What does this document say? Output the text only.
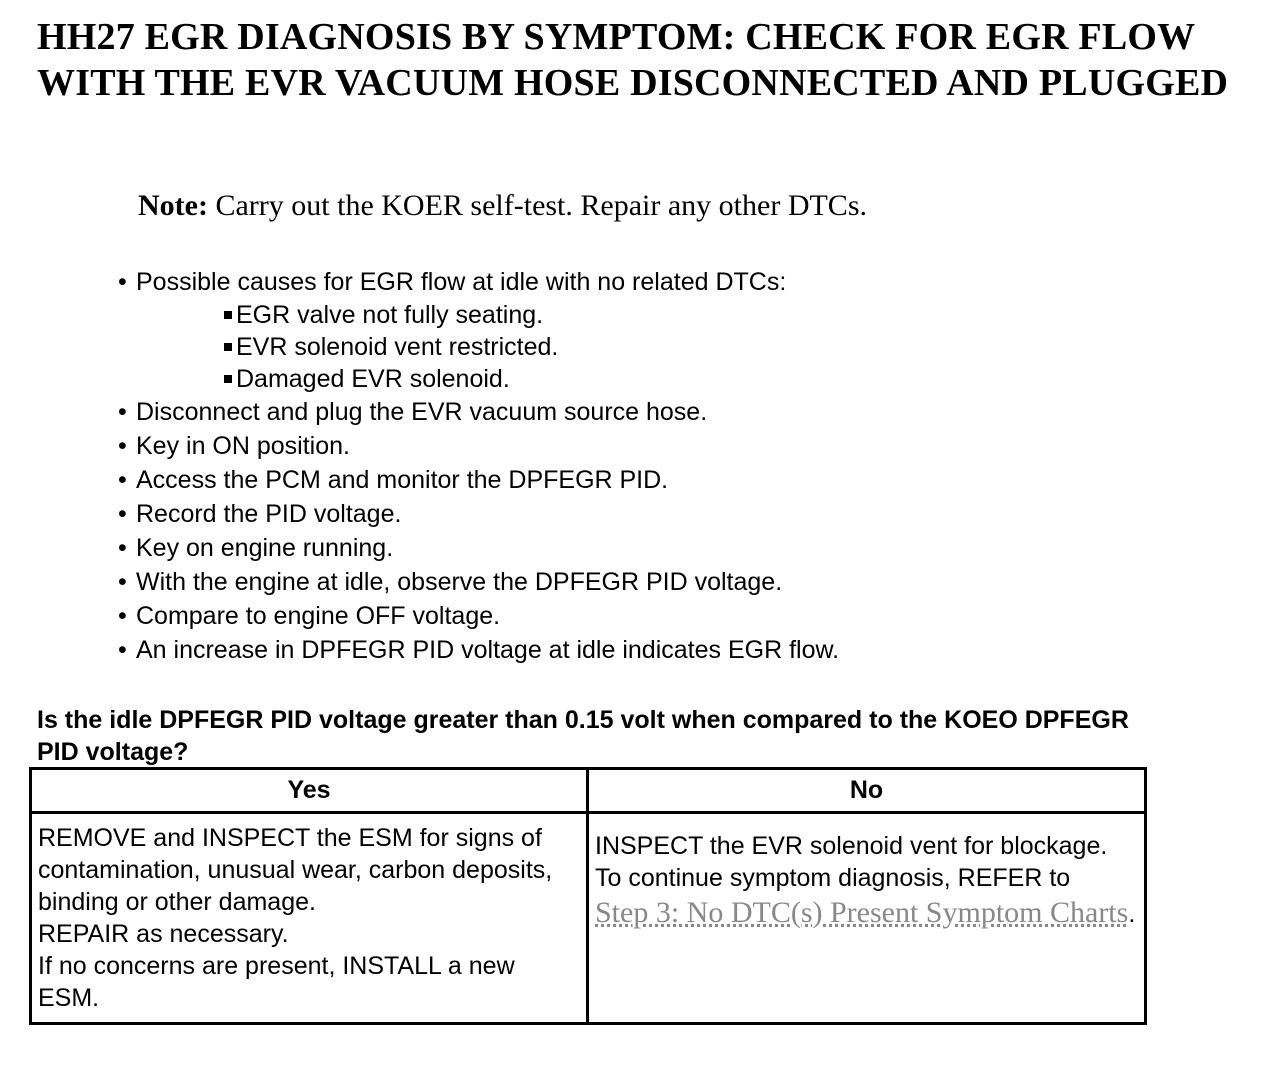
HH27 EGR DIAGNOSIS BY SYMPTOM: CHECK FOR EGR FLOW WITH THE EVR VACUUM HOSE DISCONNECTED AND PLUGGED
Note: Carry out the KOER self-test. Repair any other DTCs.
• Possible causes for EGR flow at idle with no related DTCs:
EGR valve not fully seating.
EVR solenoid vent restricted.
Damaged EVR solenoid.
• Disconnect and plug the EVR vacuum source hose.
• Key in ON position.
• Access the PCM and monitor the DPFEGR PID.
• Record the PID voltage.
• Key on engine running.
• With the engine at idle, observe the DPFEGR PID voltage.
• Compare to engine OFF voltage.
• An increase in DPFEGR PID voltage at idle indicates EGR flow.
Is the idle DPFEGR PID voltage greater than 0.15 volt when compared to the KOEO DPFEGR PID voltage?
Yes	No

REMOVE and INSPECT the ESM for signs of contamination, unusual wear, carbon deposits, binding or other damage.
REPAIR as necessary.
If no concerns are present, INSTALL a new ESM.	INSPECT the EVR solenoid vent for blockage.
To continue symptom diagnosis, REFER to
Step 3: No DTC(s) Present Symptom Charts.
